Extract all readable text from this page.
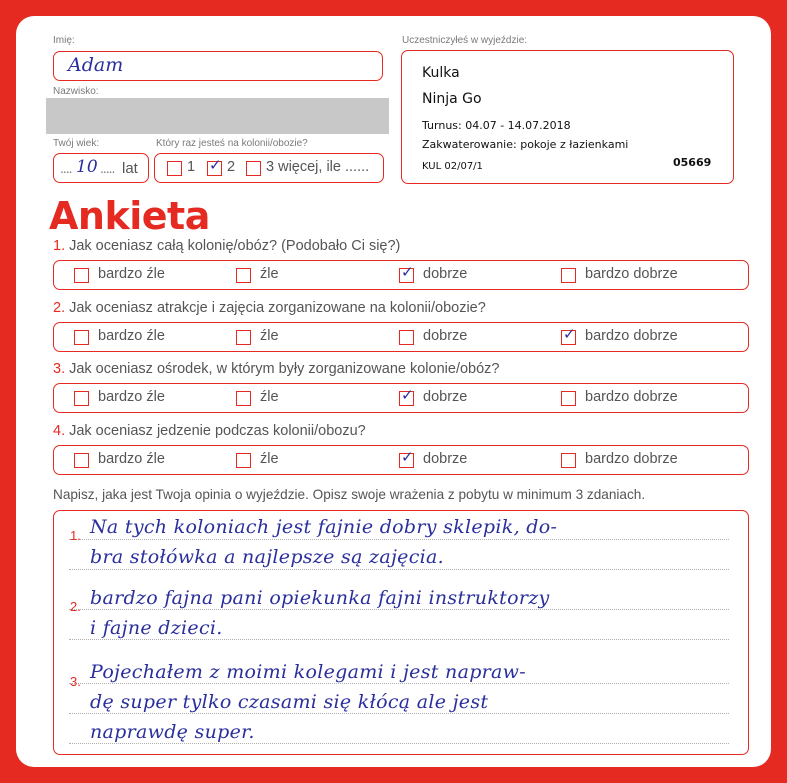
Imię:
Adam
Nazwisko:
Twój wiek:
.... 10 ..... lat
Który raz jesteś na kolonii/obozie?
1 ✓ 2 3 więcej, ile ......
Uczestniczyłeś w wyjeździe:
Kulka
Ninja Go
Turnus: 04.07 - 14.07.2018
Zakwaterowanie: pokoje z łazienkami
KUL 02/07/1	05669
Ankieta
1. Jak oceniasz całą kolonię/obóz? (Podobało Ci się?)
bardzo źle	źle	✓ dobrze	bardzo dobrze
2. Jak oceniasz atrakcje i zajęcia zorganizowane na kolonii/obozie?
bardzo źle	źle	dobrze	✓ bardzo dobrze
3. Jak oceniasz ośrodek, w którym były zorganizowane kolonie/obóz?
bardzo źle	źle	✓ dobrze	bardzo dobrze
4. Jak oceniasz jedzenie podczas kolonii/obozu?
bardzo źle	źle	✓ dobrze	bardzo dobrze
Napisz, jaka jest Twoja opinia o wyjeździe. Opisz swoje wrażenia z pobytu w minimum 3 zdaniach.
1. Na tych koloniach jest fajnie dobry sklepik, do-
bra stołówka a najlepsze są zajęcia.
2. bardzo fajna pani opiekunka fajni instruktorzy
i fajne dzieci.
3. Pojechałem z moimi kolegami i jest napraw-
dę super tylko czasami się kłócą ale jest
naprawdę super.
